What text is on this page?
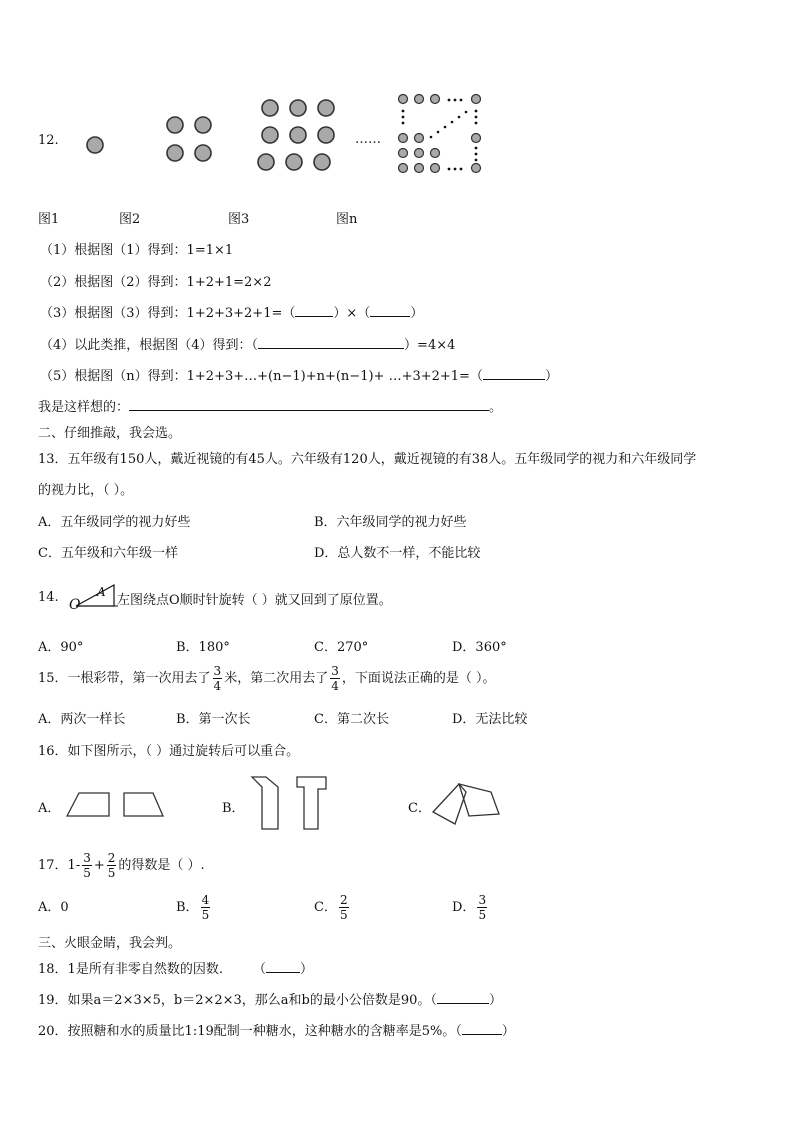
12.	……
图1	图2	图3	图n
（1）根据图（1）得到：1=1×1
（2）根据图（2）得到：1+2+1=2×2
（3）根据图（3）得到：1+2+3+2+1=（	）×（	）
（4）以此类推，根据图（4）得到：（	）=4×4
（5）根据图（n）得到：1+2+3+…+(n−1)+n+(n−1)+ …+3+2+1=（	）
我是这样想的：	。
二、仔细推敲，我会选。
13．五年级有150人，戴近视镜的有45人。六年级有120人，戴近视镜的有38人。五年级同学的视力和六年级同学
的视力比，（ ）。
A．五年级同学的视力好些	B．六年级同学的视力好些
C．五年级和六年级一样	D．总人数不一样，不能比较
14. O
A
左图绕点O顺时针旋转（ ）就又回到了原位置。
A．90°	B．180°	C．270°	D．360°
15．一根彩带，第一次用去了 $\frac{3}{4}$ 米，第二次用去了 $\frac{3}{4}$ ，下面说法正确的是（ ）。
A．两次一样长	B．第一次长	C．第二次长	D．无法比较
16．如下图所示，（ ）通过旋转后可以重合。
A．	B．	C．
17．$1- \frac{3}{5} + \frac{2}{5}$ 的得数是（ ）.
A．0	B． $\frac{4}{5}$	C． $\frac{2}{5}$	D． $\frac{3}{5}$
三、火眼金睛，我会判。
18．1是所有非零自然数的因数. （	）
19．如果a＝2×3×5，b＝2×2×3，那么a和b的最小公倍数是90。（	）
20．按照糖和水的质量比1:19配制一种糖水，这种糖水的含糖率是5%。（	）
